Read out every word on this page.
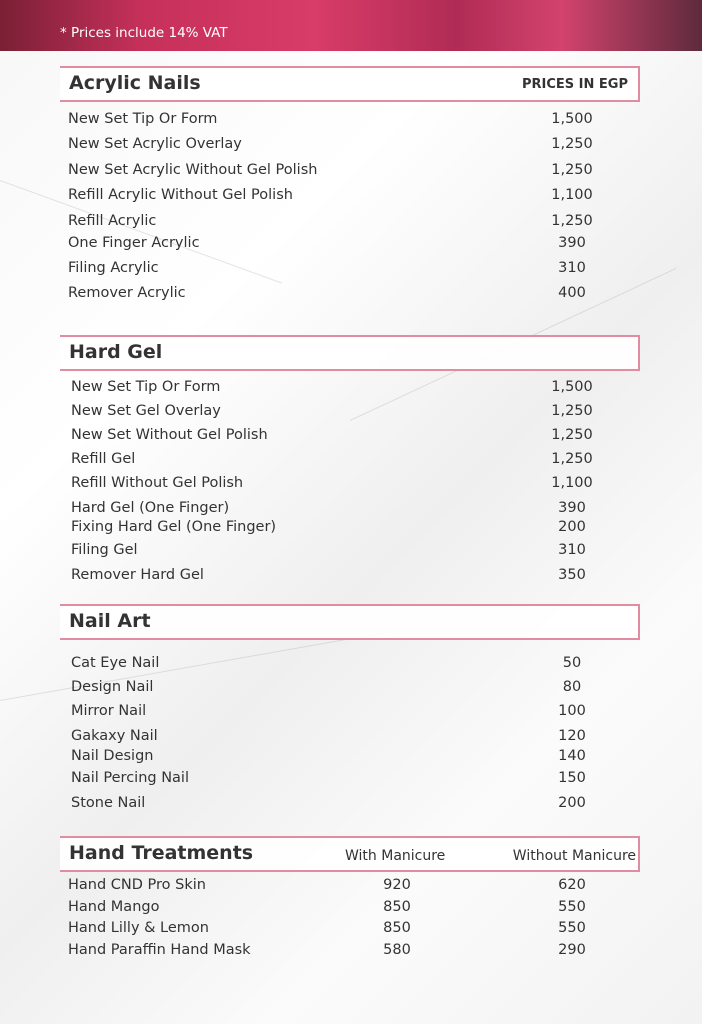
* Prices include 14% VAT
Acrylic Nails	PRICES IN EGP
Hard Gel
Nail Art
Hand Treatments	With Manicure	Without Manicure
New Set Tip Or Form	1,500
New Set Acrylic Overlay	1,250
New Set Acrylic Without Gel Polish	1,250
Refill Acrylic Without Gel Polish	1,100
Refill Acrylic	1,250
One Finger Acrylic	390
Filing Acrylic	310
Remover Acrylic	400
New Set Tip Or Form	1,500
New Set Gel Overlay	1,250
New Set Without Gel Polish	1,250
Refill Gel	1,250
Refill Without Gel Polish	1,100
Hard Gel (One Finger)	390
Fixing Hard Gel (One Finger)	200
Filing Gel	310
Remover Hard Gel	350
Cat Eye Nail	50
Design Nail	80
Mirror Nail	100
Gakaxy Nail	120
Nail Design	140
Nail Percing Nail	150
Stone Nail	200
Hand CND Pro Skin	920	620
Hand Mango	850	550
Hand Lilly & Lemon	850	550
Hand Paraffin Hand Mask	580	290
